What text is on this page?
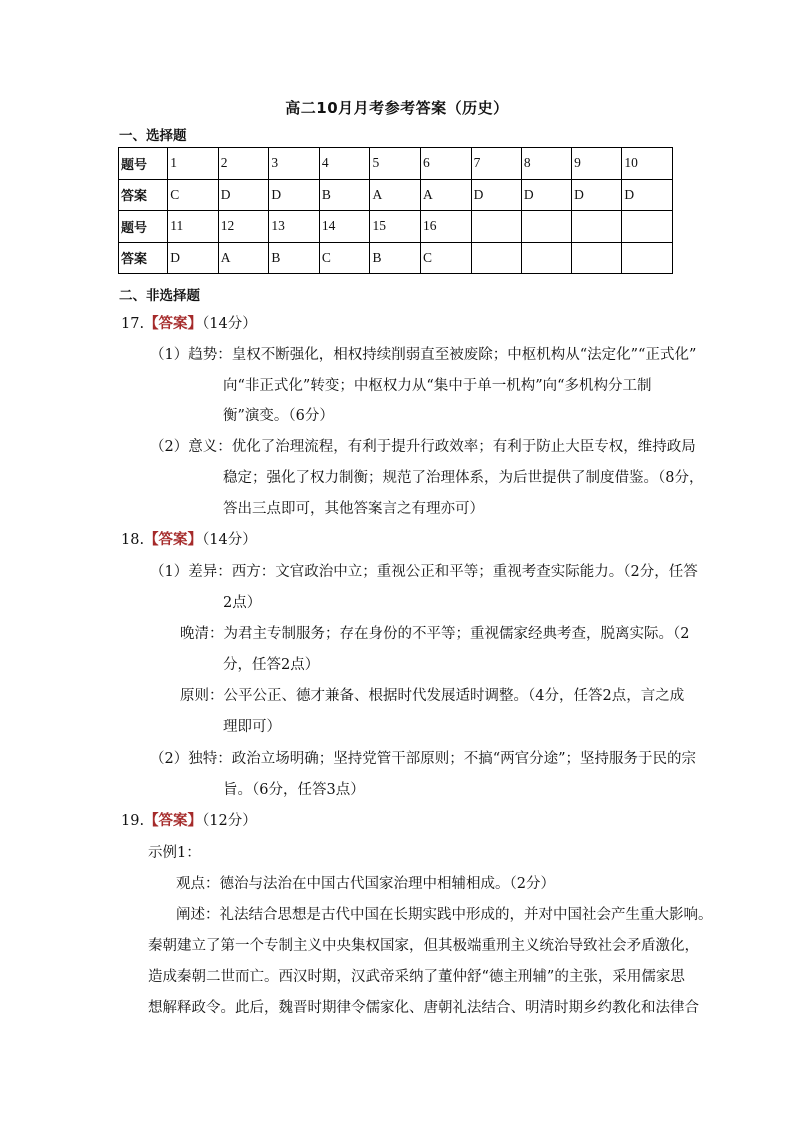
高二10月月考参考答案（历史）
一、选择题
题号	1	2	3	4	5	6	7	8	9	10
答案	C	D	D	B	A	A	D	D	D	D
题号	11	12	13	14	15	16				
答案	D	A	B	C	B	C				
二、非选择题
17.【答案】（14分）
（1）趋势：皇权不断强化，相权持续削弱直至被废除；中枢机构从“法定化”“正式化”
向“非正式化”转变；中枢权力从“集中于单一机构”向“多机构分工制
衡”演变。（6分）
（2）意义：优化了治理流程，有利于提升行政效率；有利于防止大臣专权，维持政局
稳定；强化了权力制衡；规范了治理体系，为后世提供了制度借鉴。（8分，
答出三点即可，其他答案言之有理亦可）
18.【答案】（14分）
（1）差异：西方：文官政治中立；重视公正和平等；重视考查实际能力。（2分，任答
2点）
晚清：为君主专制服务；存在身份的不平等；重视儒家经典考查，脱离实际。（2
分，任答2点）
原则：公平公正、德才兼备、根据时代发展适时调整。（4分，任答2点，言之成
理即可）
（2）独特：政治立场明确；坚持党管干部原则；不搞“两官分途”；坚持服务于民的宗
旨。（6分，任答3点）
19.【答案】（12分）
示例1：
观点：德治与法治在中国古代国家治理中相辅相成。（2分）
阐述：礼法结合思想是古代中国在长期实践中形成的，并对中国社会产生重大影响。
秦朝建立了第一个专制主义中央集权国家，但其极端重刑主义统治导致社会矛盾激化，
造成秦朝二世而亡。西汉时期，汉武帝采纳了董仲舒“德主刑辅”的主张，采用儒家思
想解释政令。此后，魏晋时期律令儒家化、唐朝礼法结合、明清时期乡约教化和法律合
